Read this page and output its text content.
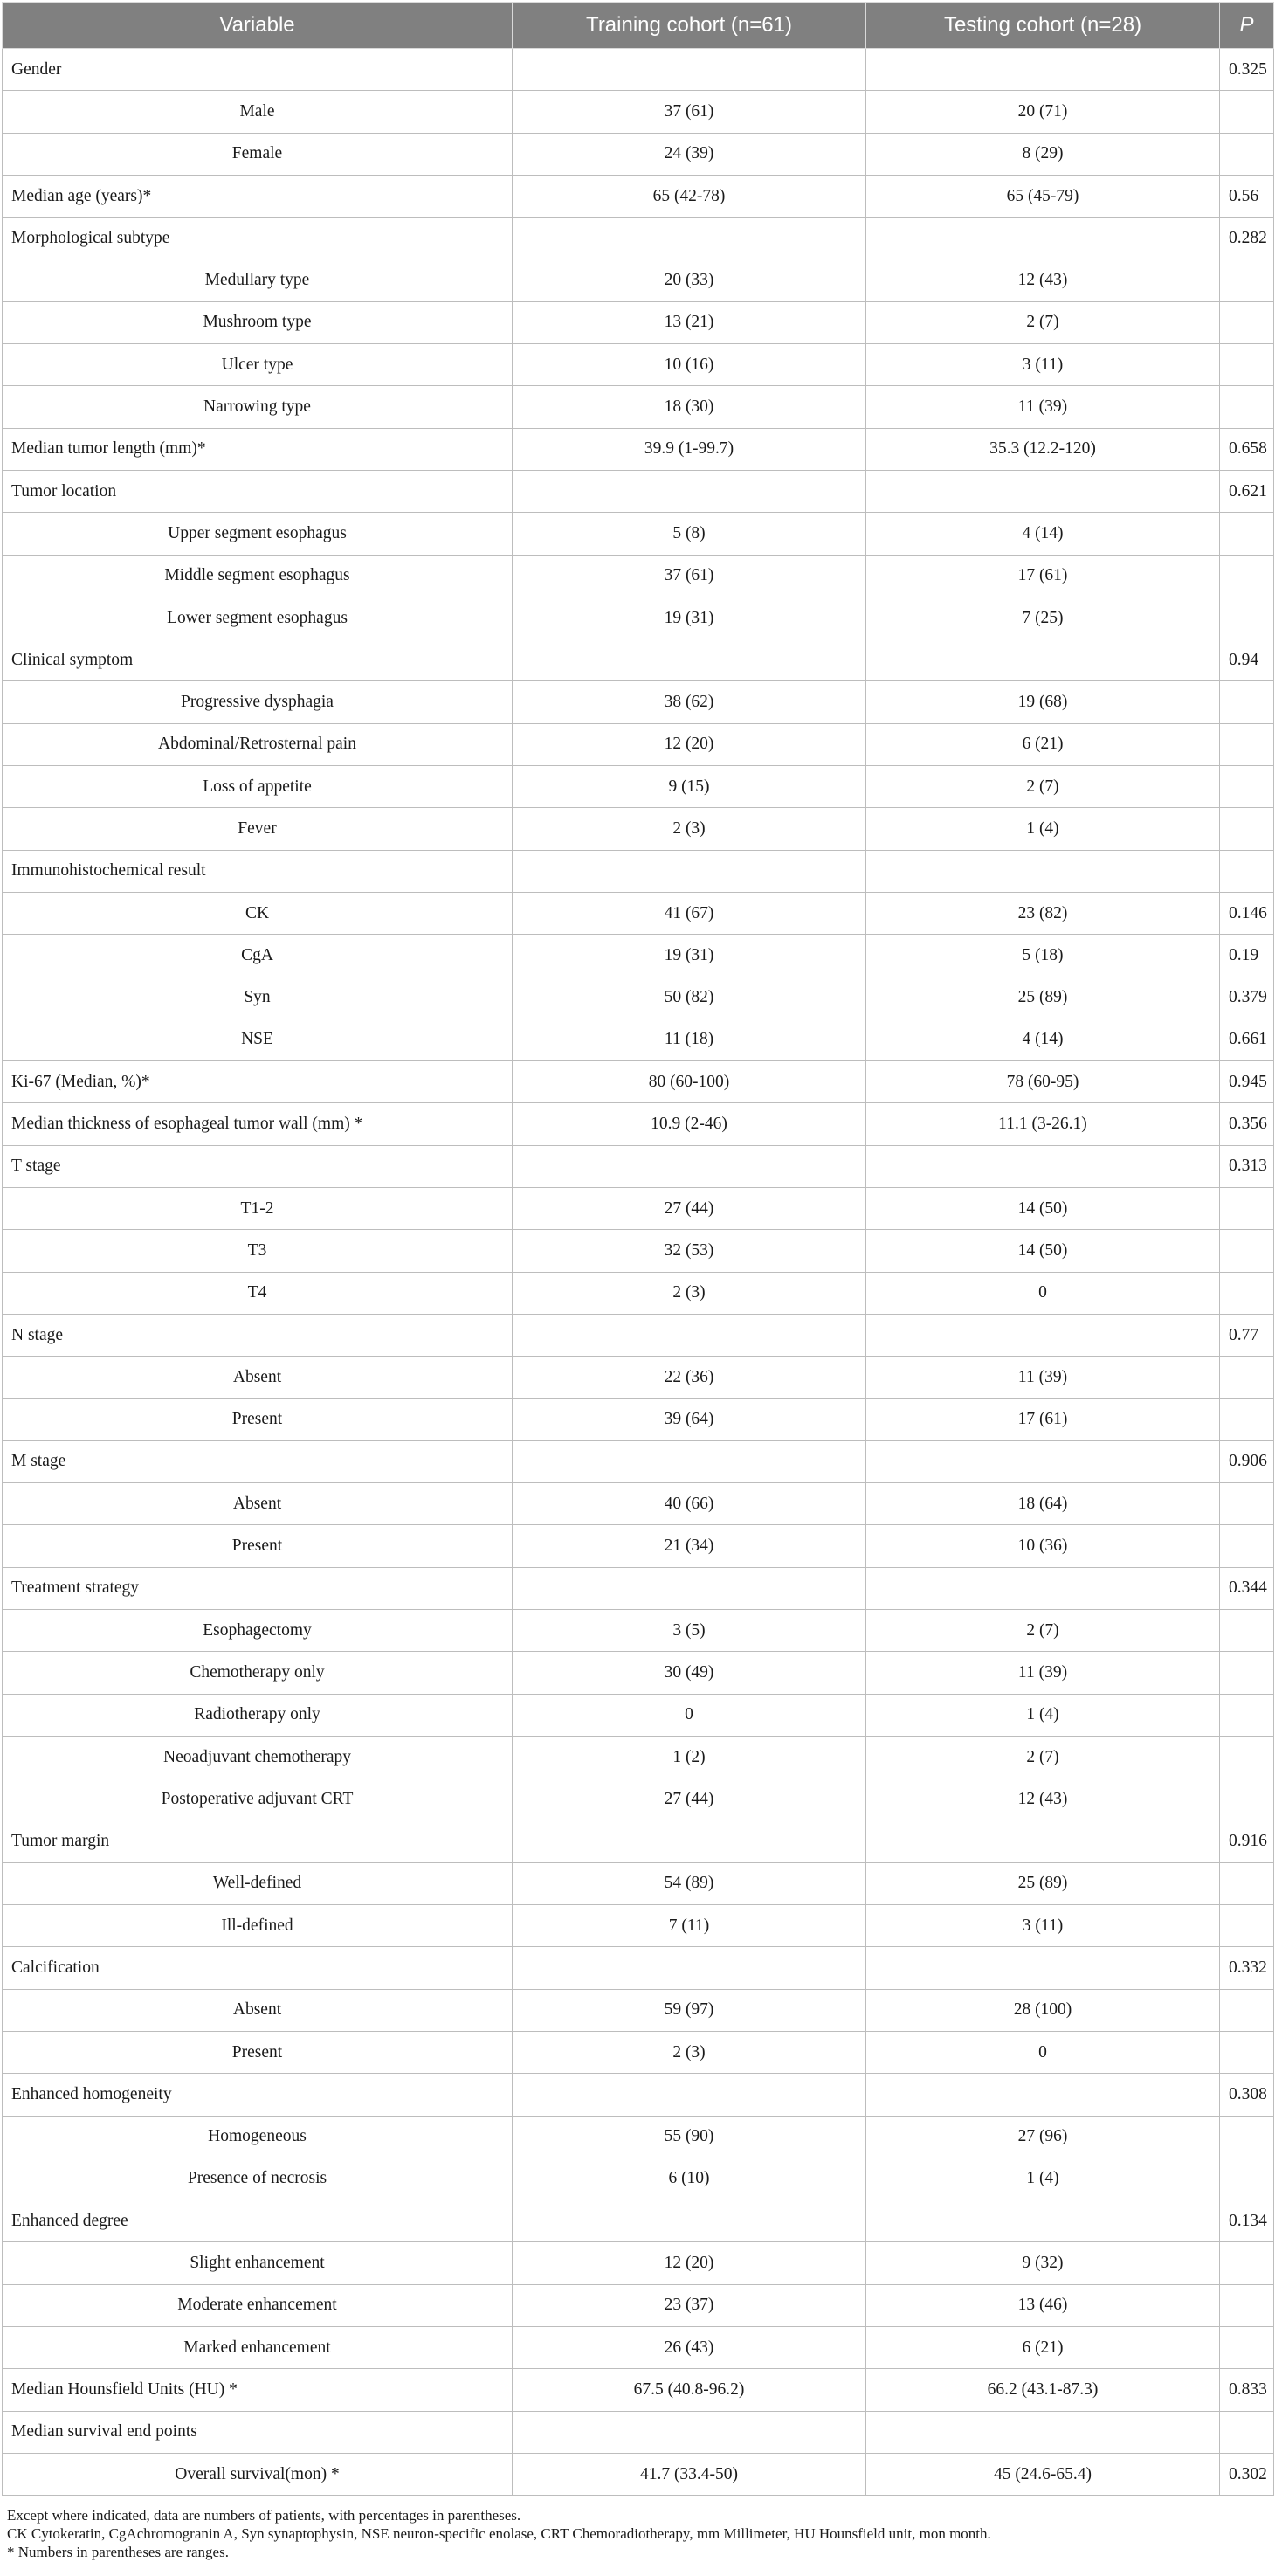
Variable	Training cohort (n=61)	Testing cohort (n=28)	P
Gender			0.325
Male	37 (61)	20 (71)	
Female	24 (39)	8 (29)	
Median age (years)*	65 (42-78)	65 (45-79)	0.56
Morphological subtype			0.282
Medullary type	20 (33)	12 (43)	
Mushroom type	13 (21)	2 (7)	
Ulcer type	10 (16)	3 (11)	
Narrowing type	18 (30)	11 (39)	
Median tumor length (mm)*	39.9 (1-99.7)	35.3 (12.2-120)	0.658
Tumor location			0.621
Upper segment esophagus	5 (8)	4 (14)	
Middle segment esophagus	37 (61)	17 (61)	
Lower segment esophagus	19 (31)	7 (25)	
Clinical symptom			0.94
Progressive dysphagia	38 (62)	19 (68)	
Abdominal/Retrosternal pain	12 (20)	6 (21)	
Loss of appetite	9 (15)	2 (7)	
Fever	2 (3)	1 (4)	
Immunohistochemical result			
CK	41 (67)	23 (82)	0.146
CgA	19 (31)	5 (18)	0.19
Syn	50 (82)	25 (89)	0.379
NSE	11 (18)	4 (14)	0.661
Ki-67 (Median, %)*	80 (60-100)	78 (60-95)	0.945
Median thickness of esophageal tumor wall (mm) *	10.9 (2-46)	11.1 (3-26.1)	0.356
T stage			0.313
T1-2	27 (44)	14 (50)	
T3	32 (53)	14 (50)	
T4	2 (3)	0	
N stage			0.77
Absent	22 (36)	11 (39)	
Present	39 (64)	17 (61)	
M stage			0.906
Absent	40 (66)	18 (64)	
Present	21 (34)	10 (36)	
Treatment strategy			0.344
Esophagectomy	3 (5)	2 (7)	
Chemotherapy only	30 (49)	11 (39)	
Radiotherapy only	0	1 (4)	
Neoadjuvant chemotherapy	1 (2)	2 (7)	
Postoperative adjuvant CRT	27 (44)	12 (43)	
Tumor margin			0.916
Well-defined	54 (89)	25 (89)	
Ill-defined	7 (11)	3 (11)	
Calcification			0.332
Absent	59 (97)	28 (100)	
Present	2 (3)	0	
Enhanced homogeneity			0.308
Homogeneous	55 (90)	27 (96)	
Presence of necrosis	6 (10)	1 (4)	
Enhanced degree			0.134
Slight enhancement	12 (20)	9 (32)	
Moderate enhancement	23 (37)	13 (46)	
Marked enhancement	26 (43)	6 (21)	
Median Hounsfield Units (HU) *	67.5 (40.8-96.2)	66.2 (43.1-87.3)	0.833
Median survival end points			
Overall survival(mon) *	41.7 (33.4-50)	45 (24.6-65.4)	0.302
Except where indicated, data are numbers of patients, with percentages in parentheses.
CK Cytokeratin, CgAchromogranin A, Syn synaptophysin, NSE neuron-specific enolase, CRT Chemoradiotherapy, mm Millimeter, HU Hounsfield unit, mon month.
* Numbers in parentheses are ranges.
